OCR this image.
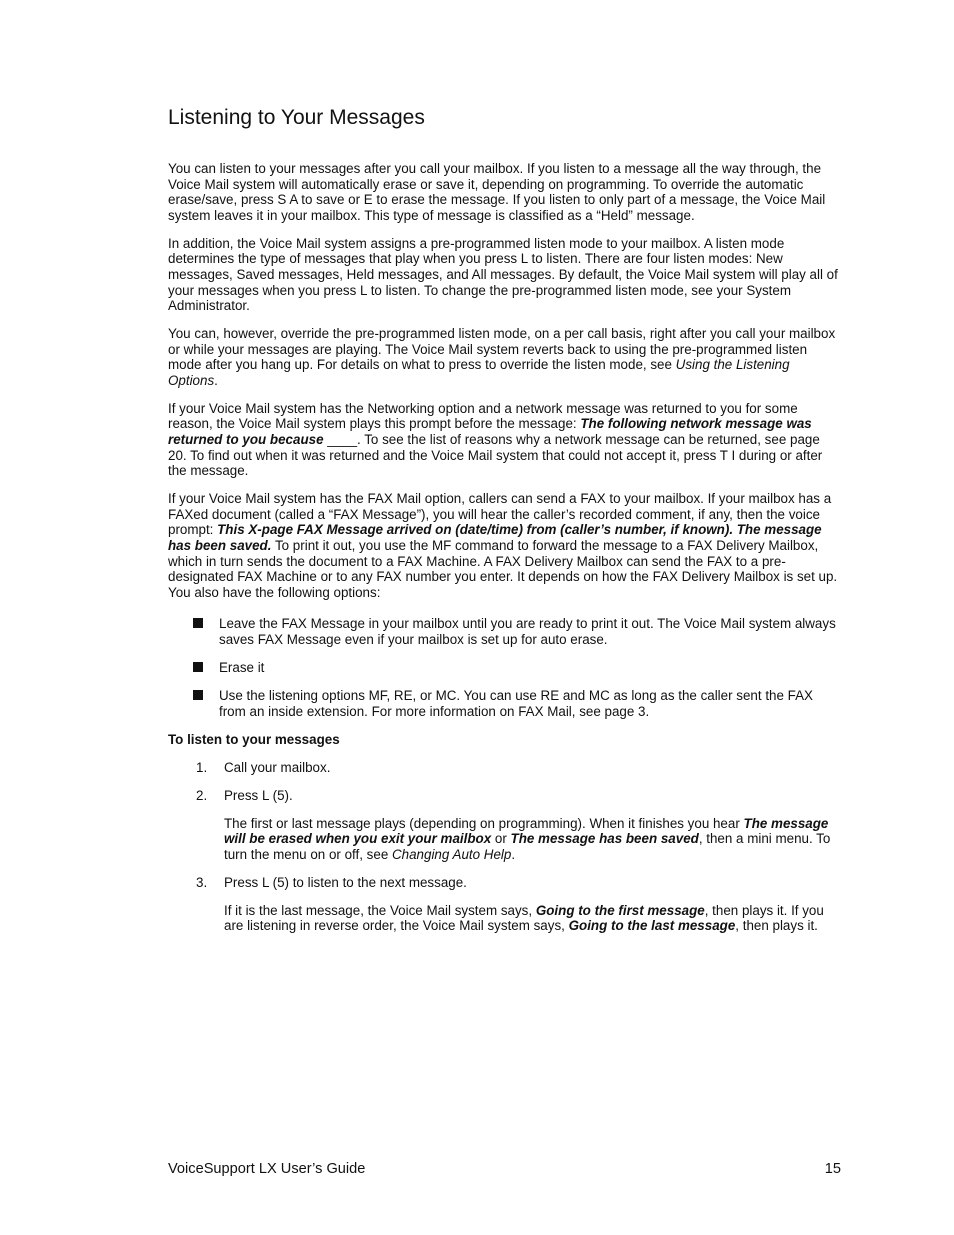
Listening to Your Messages

You can listen to your messages after you call your mailbox. If you listen to a message all the way through, the Voice Mail system will automatically erase or save it, depending on programming. To override the automatic erase/save, press S A to save or E to erase the message. If you listen to only part of a message, the Voice Mail system leaves it in your mailbox. This type of message is classified as a “Held” message.

In addition, the Voice Mail system assigns a pre-programmed listen mode to your mailbox. A listen mode determines the type of messages that play when you press L to listen. There are four listen modes: New messages, Saved messages, Held messages, and All messages. By default, the Voice Mail system will play all of your messages when you press L to listen. To change the pre-programmed listen mode, see your System Administrator.

You can, however, override the pre-programmed listen mode, on a per call basis, right after you call your mailbox or while your messages are playing. The Voice Mail system reverts back to using the pre-programmed listen mode after you hang up. For details on what to press to override the listen mode, see Using the Listening Options.

If your Voice Mail system has the Networking option and a network message was returned to you for some reason, the Voice Mail system plays this prompt before the message: The following network message was returned to you because ____. To see the list of reasons why a network message can be returned, see page 20. To find out when it was returned and the Voice Mail system that could not accept it, press T I during or after the message.

If your Voice Mail system has the FAX Mail option, callers can send a FAX to your mailbox. If your mailbox has a FAXed document (called a “FAX Message”), you will hear the caller’s recorded comment, if any, then the voice prompt: This X-page FAX Message arrived on (date/time) from (caller’s number, if known). The message has been saved. To print it out, you use the MF command to forward the message to a FAX Delivery Mailbox, which in turn sends the document to a FAX Machine. A FAX Delivery Mailbox can send the FAX to a pre-designated FAX Machine or to any FAX number you enter. It depends on how the FAX Delivery Mailbox is set up. You also have the following options:

Leave the FAX Message in your mailbox until you are ready to print it out. The Voice Mail system always saves FAX Message even if your mailbox is set up for auto erase.
Erase it
Use the listening options MF, RE, or MC. You can use RE and MC as long as the caller sent the FAX from an inside extension. For more information on FAX Mail, see page 3.
To listen to your messages
1. Call your mailbox.
2. Press L (5).
The first or last message plays (depending on programming). When it finishes you hear The message will be erased when you exit your mailbox or The message has been saved, then a mini menu. To turn the menu on or off, see Changing Auto Help.
3. Press L (5) to listen to the next message.
If it is the last message, the Voice Mail system says, Going to the first message, then plays it. If you are listening in reverse order, the Voice Mail system says, Going to the last message, then plays it.
VoiceSupport LX User’s Guide	15
